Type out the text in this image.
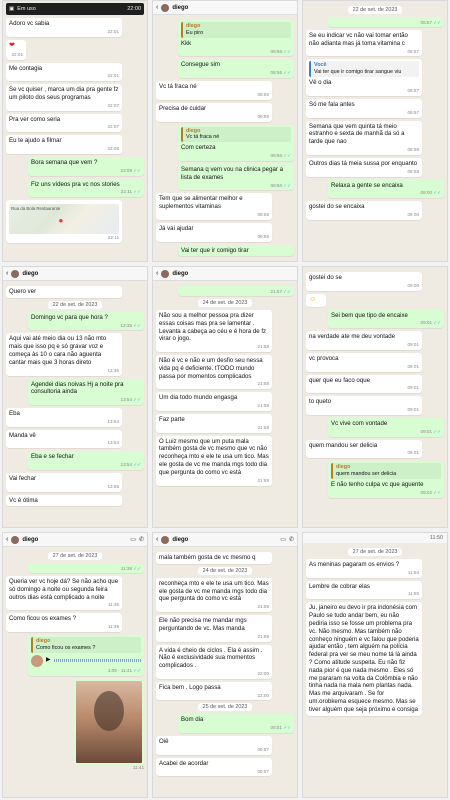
▣ Em uso	22:00
Adoro vc sabia
22:01
❤
22:01
Me contagia
22:01
Se vc quiser , marca um dia pra gente fz um piloto dos seus programas
22:07
Pra ver como seria
22:07
Eu te ajudo a filmar
22:08
Bora semana que vem ?
22:09 ✓✓
Fiz uns vídeos pra vc nos stories
22:11 ✓✓
Rua da Bola Restaurante
●
22:11
‹ diego
diego
Eu piro
Kkk
08:56 ✓✓
Consegue sim
08:56 ✓✓
Vc tá fraca né
08:56
Precisa de cuidar
08:56
diego
Vc tá fraca né
Com certeza
08:56 ✓✓
Semana q vem vou na clinica pegar a lista de exames
08:56 ✓✓
Tem que se alimentar melhor e suplementos vitaminas
08:56
Já vai ajudar
08:56
Vai ter que ir comigo tirar
22 de set. de 2023
08:57 ✓✓
Se eu indicar vc não vai tomar então não adianta mas já toma vitamina c
08:57
Você
Vai ter que ir comigo tirar sangue viu
Vê o dia
08:57
Só me fala antes
08:57
Semana que vem quinta tá meio estranho e sexta de manhã da só a tarde que nao
08:58
Outros dias tá meia sussa por enquanto
08:58
Relaxa a gente se encaixa
09:00 ✓✓
gostei do se encaixa
09:00
‹ diego
Quero ver
22 de set. de 2023
Domingo vc para que hora ?
12:35 ✓✓
Aqui vai até meio dia ou 13 não mto mais que isso pq e só gravar voz e começa às 10 o cara não aguenta cantar mais que 3 horas direto
12:36
Agendei dias noivas Hj a noite pra consultoria ainda
13:54 ✓✓
Eba
13:54
Manda vê
13:54
Eba e se fechar
13:54 ✓✓
Vai fechar
13:55
Vc é ótima
‹ diego
21:57 ✓✓
24 de set. de 2023
Não sou a melhor pessoa pra dizer essas coisas mas pra se lamentar . Levanta a cabeça ao céu e é hora de fz virar o jogo.
21:58
Não é vc e não e um desfio seu nessa vida pq é deficiente. tTODO mundo passa por momentos complicados
21:58
Um dia todo mundo engasga
21:58
Faz parte
21:58
O Luiz mesmo que um puta mala também gosta de vc mesmo que vc não reconheça mto e ele te usa um tico. Mas ele gosta de vc me manda mgs todo dia que pergunta do como vc está
21:59
gostei do se
09:00
☺
Sei bem que tipo de encaixe
09:01 ✓✓
na verdade ate me deu vontade
09:01
vc provoca
09:01
quer que eu faco oque
09:01
to queto
09:01
Vc vive com vontade
09:01 ✓✓
quem mandou ser delicia
09:01
diego
quem mandou ser delicia
E não tenho culpa vc que aguente
09:02 ✓✓
‹ diego	▭ ✆
27 de set. de 2023
11:38 ✓✓
Queria ver vc hoje dá? Se não acho que só domingo a noite ou segunda feira outros dias está complicado a noite
11:38
Como ficou os exames ?
11:39
diego
Como ficou os exames ?
▶
1:05 · 11:41 ✓✓
11:41
‹ diego	▭ ✆
mala também gosta de vc mesmo q
24 de set. de 2023
reconheça mto e ele te usa um tico. Mas ele gosta de vc me manda mgs todo dia que pergunta do como vc está
21:59
Ele não precisa me mandar mgs perguntando de vc. Mas manda
21:59
A vida é cheio de ciclos . Ela é assim . Não é exclusividade sua momentos complicados .
22:00
Fica bem . Logo passa
22:00
25 de set. de 2023
Bom dia
05:51 ✓✓
Oiê
05:57
Acabei de acordar
05:57
11:50
27 de set. de 2023
As meninas pagaram os envios ?
11:54
Lembre de cobrar elas
11:55
Ju, janeiro eu devo ir pra indonésia com Paulo se tudo andar bem, eu não pediria isso se fosse um problema pra vc. Não mesmo. Mas também não conheço ninguém e vc falou que poderia ajudar então , tem alguém na polícia federal pra ver se meu nome tá lá ainda ? Como atitude suspeita. Eu não fiz nada pior é que nada mesmo . Eles só me pararam na volta da Colômbia e não tinha nada na mala nem plantas nada. Mas me arquivaram . Se for um.orobkema esquece mesmo. Mas se tiver alguém que seja próximo e consiga
